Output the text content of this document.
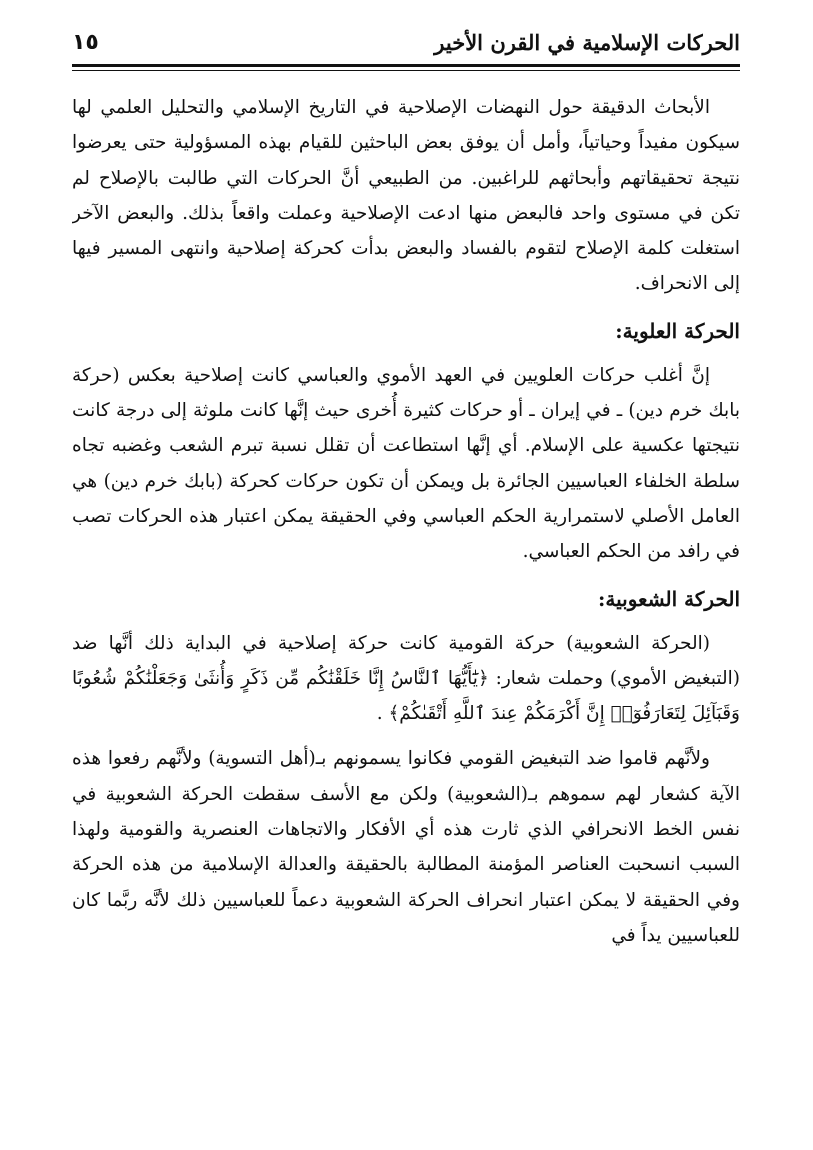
الحركات الإسلامية في القرن الأخير
١٥

الأبحاث الدقيقة حول النهضات الإصلاحية في التاريخ الإسلامي والتحليل العلمي لها سيكون مفيداً وحياتياً، وأمل أن يوفق بعض الباحثين للقيام بهذه المسؤولية حتى يعرضوا نتيجة تحقيقاتهم وأبحاثهم للراغبين. من الطبيعي أنَّ الحركات التي طالبت بالإصلاح لم تكن في مستوى واحد فالبعض منها ادعت الإصلاحية وعملت واقعاً بذلك. والبعض الآخر استغلت كلمة الإصلاح لتقوم بالفساد والبعض بدأت كحركة إصلاحية وانتهى المسير فيها إلى الانحراف.

الحركة العلوية:

إنَّ أغلب حركات العلويين في العهد الأموي والعباسي كانت إصلاحية بعكس (حركة بابك خرم دين) ـ في إيران ـ أو حركات كثيرة أُخرى حيث إنَّها كانت ملوثة إلى درجة كانت نتيجتها عكسية على الإسلام. أي إنَّها استطاعت أن تقلل نسبة تبرم الشعب وغضبه تجاه سلطة الخلفاء العباسيين الجائرة بل ويمكن أن تكون حركات كحركة (بابك خرم دين) هي العامل الأصلي لاستمرارية الحكم العباسي وفي الحقيقة يمكن اعتبار هذه الحركات تصب في رافد من الحكم العباسي.

الحركة الشعوبية:

(الحركة الشعوبية) حركة القومية كانت حركة إصلاحية في البداية ذلك أنَّها ضد (التبغيض الأموي) وحملت شعار: ﴿يَٰٓأَيُّهَا ٱلنَّاسُ إِنَّا خَلَقْنَٰكُم مِّن ذَكَرٍ وَأُنثَىٰ وَجَعَلْنَٰكُمْ شُعُوبًا وَقَبَآئِلَ لِتَعَارَفُوٓا۟ إِنَّ أَكْرَمَكُمْ عِندَ ٱللَّهِ أَتْقَىٰكُمْ﴾ .

ولأنَّهم قاموا ضد التبغيض القومي فكانوا يسمونهم بـ(أهل التسوية) ولأنَّهم رفعوا هذه الآية كشعار لهم سموهم بـ(الشعوبية) ولكن مع الأسف سقطت الحركة الشعوبية في نفس الخط الانحرافي الذي ثارت هذه أي الأفكار والاتجاهات العنصرية والقومية ولهذا السبب انسحبت العناصر المؤمنة المطالبة بالحقيقة والعدالة الإسلامية من هذه الحركة وفي الحقيقة لا يمكن اعتبار انحراف الحركة الشعوبية دعماً للعباسيين ذلك لأنَّه ربَّما كان للعباسيين يداً في
